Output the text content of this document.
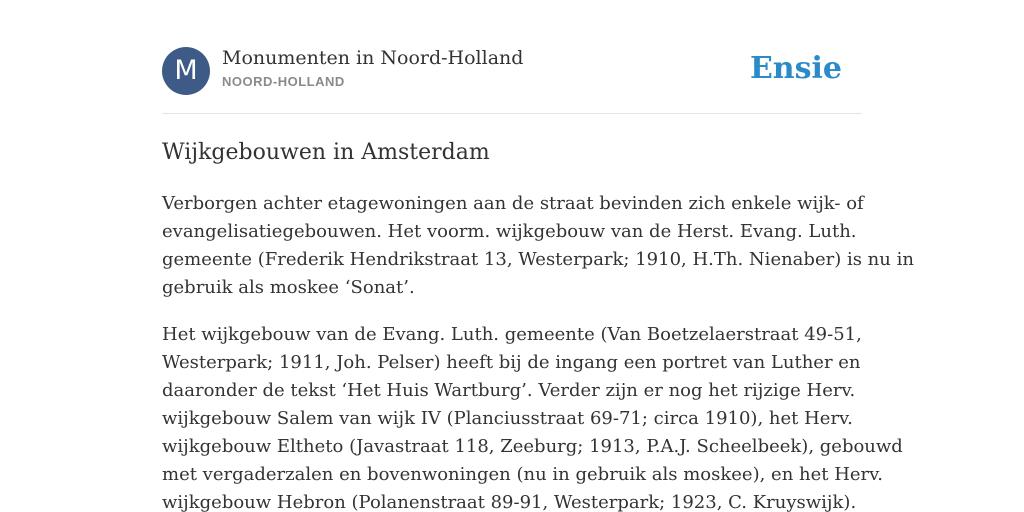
M	Monumenten in Noord-Holland
NOORD-HOLLAND	Ensie
Wijkgebouwen in Amsterdam

Verborgen achter etagewoningen aan de straat bevinden zich enkele wijk- of
evangelisatiegebouwen. Het voorm. wijkgebouw van de Herst. Evang. Luth.
gemeente (Frederik Hendrikstraat 13, Westerpark; 1910, H.Th. Nienaber) is nu in
gebruik als moskee ‘Sonat’.

Het wijkgebouw van de Evang. Luth. gemeente (Van Boetzelaerstraat 49-51,
Westerpark; 1911, Joh. Pelser) heeft bij de ingang een portret van Luther en
daaronder de tekst ‘Het Huis Wartburg’. Verder zijn er nog het rijzige Herv.
wijkgebouw Salem van wijk IV (Planciusstraat 69-71; circa 1910), het Herv.
wijkgebouw Eltheto (Javastraat 118, Zeeburg; 1913, P.A.J. Scheelbeek), gebouwd
met vergaderzalen en bovenwoningen (nu in gebruik als moskee), en het Herv.
wijkgebouw Hebron (Polanenstraat 89-91, Westerpark; 1923, C. Kruyswijk).
